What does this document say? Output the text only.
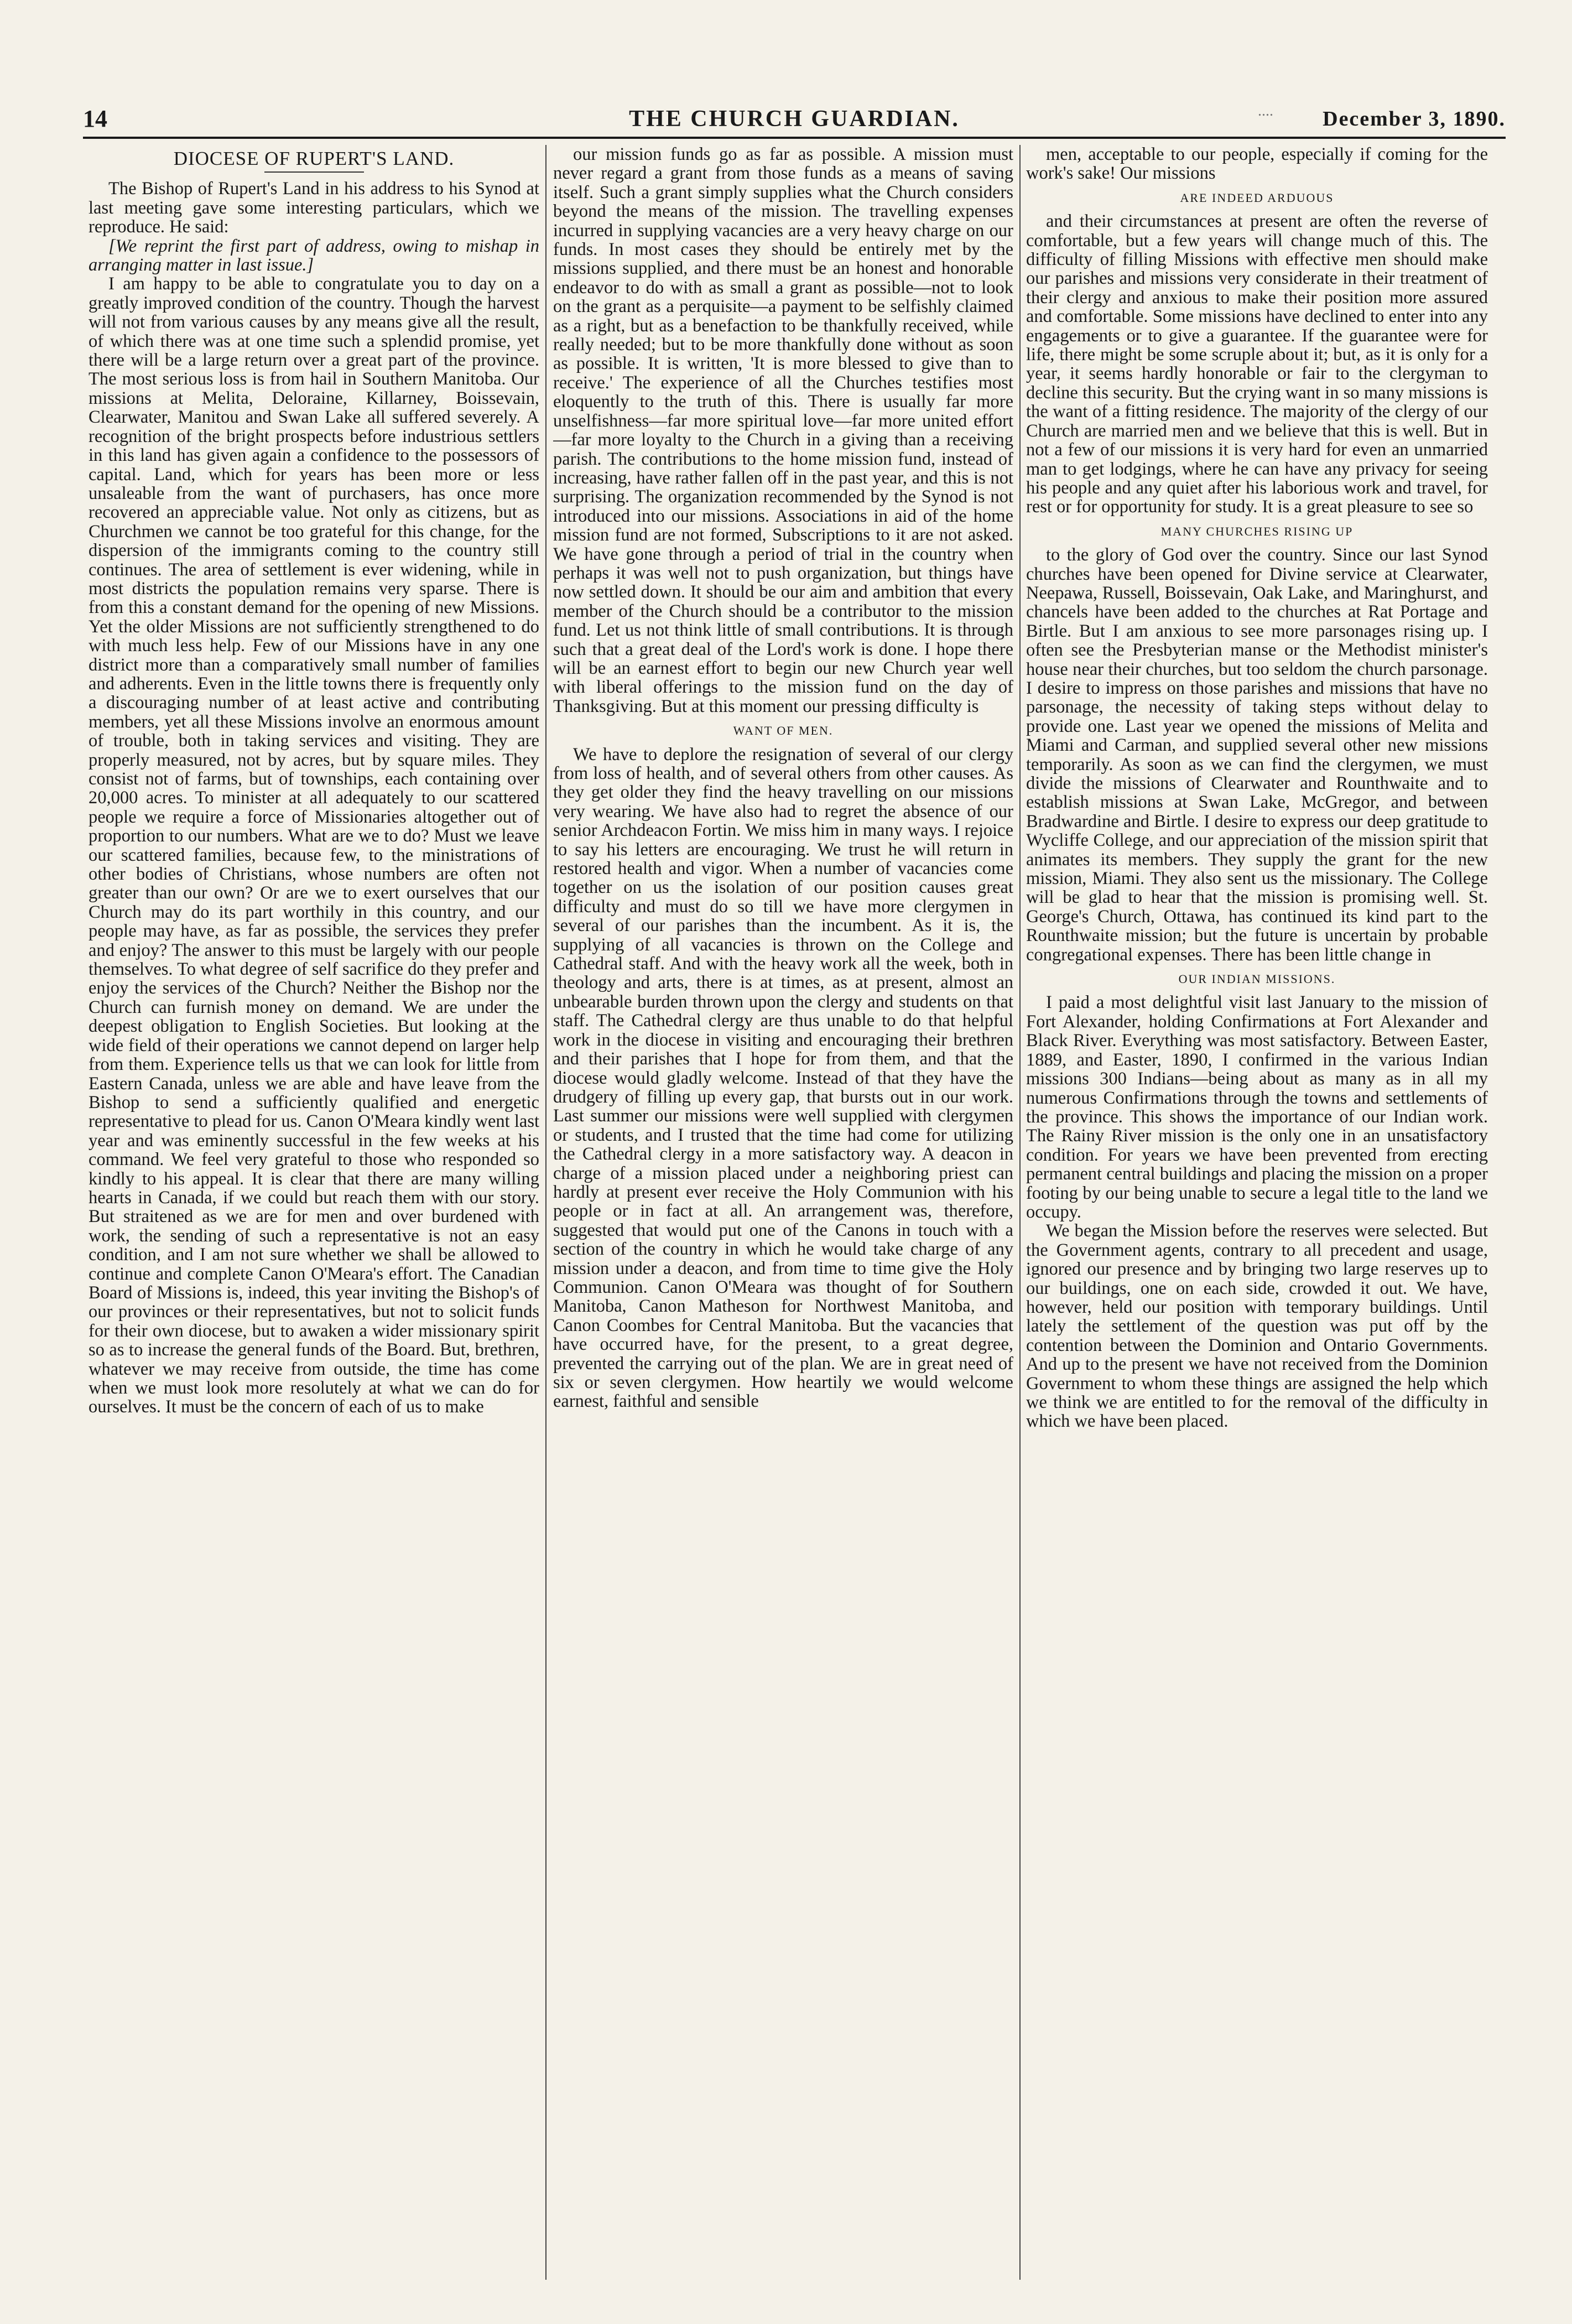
14	THE CHURCH GUARDIAN.	.... December 3, 1890.
DIOCESE OF RUPERT'S LAND.

The Bishop of Rupert's Land in his address to his Synod at last meeting gave some interesting particulars, which we reproduce. He said:

[We reprint the first part of address, owing to mishap in arranging matter in last issue.]

I am happy to be able to congratulate you to day on a greatly improved condition of the country. Though the harvest will not from various causes by any means give all the result, of which there was at one time such a splendid promise, yet there will be a large return over a great part of the province. The most serious loss is from hail in Southern Manitoba. Our missions at Melita, Deloraine, Killarney, Boissevain, Clearwater, Manitou and Swan Lake all suffered severely. A recognition of the bright prospects before industrious settlers in this land has given again a confidence to the possessors of capital. Land, which for years has been more or less unsaleable from the want of purchasers, has once more recovered an appreciable value. Not only as citizens, but as Churchmen we cannot be too grateful for this change, for the dispersion of the immigrants coming to the country still continues. The area of settlement is ever widening, while in most districts the population remains very sparse. There is from this a constant demand for the opening of new Missions. Yet the older Missions are not sufficiently strengthened to do with much less help. Few of our Missions have in any one district more than a comparatively small number of families and adherents. Even in the little towns there is frequently only a discouraging number of at least active and contributing members, yet all these Missions involve an enormous amount of trouble, both in taking services and visiting. They are properly measured, not by acres, but by square miles. They consist not of farms, but of townships, each containing over 20,000 acres. To minister at all adequately to our scattered people we require a force of Missionaries altogether out of proportion to our numbers. What are we to do? Must we leave our scattered families, because few, to the ministrations of other bodies of Christians, whose numbers are often not greater than our own? Or are we to exert ourselves that our Church may do its part worthily in this country, and our people may have, as far as possible, the services they prefer and enjoy? The answer to this must be largely with our people themselves. To what degree of self sacrifice do they prefer and enjoy the services of the Church? Neither the Bishop nor the Church can furnish money on demand. We are under the deepest obligation to English Societies. But looking at the wide field of their operations we cannot depend on larger help from them. Experience tells us that we can look for little from Eastern Canada, unless we are able and have leave from the Bishop to send a sufficiently qualified and energetic representative to plead for us. Canon O'Meara kindly went last year and was eminently successful in the few weeks at his command. We feel very grateful to those who responded so kindly to his appeal. It is clear that there are many willing hearts in Canada, if we could but reach them with our story. But straitened as we are for men and over burdened with work, the sending of such a representative is not an easy condition, and I am not sure whether we shall be allowed to continue and complete Canon O'Meara's effort. The Canadian Board of Missions is, indeed, this year inviting the Bishop's of our provinces or their representatives, but not to solicit funds for their own diocese, but to awaken a wider missionary spirit so as to increase the general funds of the Board. But, brethren, whatever we may receive from outside, the time has come when we must look more resolutely at what we can do for ourselves. It must be the concern of each of us to make

our mission funds go as far as possible. A mission must never regard a grant from those funds as a means of saving itself. Such a grant simply supplies what the Church considers beyond the means of the mission. The travelling expenses incurred in supplying vacancies are a very heavy charge on our funds. In most cases they should be entirely met by the missions supplied, and there must be an honest and honorable endeavor to do with as small a grant as possible—not to look on the grant as a perquisite—a payment to be selfishly claimed as a right, but as a benefaction to be thankfully received, while really needed; but to be more thankfully done without as soon as possible. It is written, 'It is more blessed to give than to receive.' The experience of all the Churches testifies most eloquently to the truth of this. There is usually far more unselfishness—far more spiritual love—far more united effort—far more loyalty to the Church in a giving than a receiving parish. The contributions to the home mission fund, instead of increasing, have rather fallen off in the past year, and this is not surprising. The organization recommended by the Synod is not introduced into our missions. Associations in aid of the home mission fund are not formed, Subscriptions to it are not asked. We have gone through a period of trial in the country when perhaps it was well not to push organization, but things have now settled down. It should be our aim and ambition that every member of the Church should be a contributor to the mission fund. Let us not think little of small contributions. It is through such that a great deal of the Lord's work is done. I hope there will be an earnest effort to begin our new Church year well with liberal offerings to the mission fund on the day of Thanksgiving. But at this moment our pressing difficulty is

WANT OF MEN.

We have to deplore the resignation of several of our clergy from loss of health, and of several others from other causes. As they get older they find the heavy travelling on our missions very wearing. We have also had to regret the absence of our senior Archdeacon Fortin. We miss him in many ways. I rejoice to say his letters are encouraging. We trust he will return in restored health and vigor. When a number of vacancies come together on us the isolation of our position causes great difficulty and must do so till we have more clergymen in several of our parishes than the incumbent. As it is, the supplying of all vacancies is thrown on the College and Cathedral staff. And with the heavy work all the week, both in theology and arts, there is at times, as at present, almost an unbearable burden thrown upon the clergy and students on that staff. The Cathedral clergy are thus unable to do that helpful work in the diocese in visiting and encouraging their brethren and their parishes that I hope for from them, and that the diocese would gladly welcome. Instead of that they have the drudgery of filling up every gap, that bursts out in our work. Last summer our missions were well supplied with clergymen or students, and I trusted that the time had come for utilizing the Cathedral clergy in a more satisfactory way. A deacon in charge of a mission placed under a neighboring priest can hardly at present ever receive the Holy Communion with his people or in fact at all. An arrangement was, therefore, suggested that would put one of the Canons in touch with a section of the country in which he would take charge of any mission under a deacon, and from time to time give the Holy Communion. Canon O'Meara was thought of for Southern Manitoba, Canon Matheson for Northwest Manitoba, and Canon Coombes for Central Manitoba. But the vacancies that have occurred have, for the present, to a great degree, prevented the carrying out of the plan. We are in great need of six or seven clergymen. How heartily we would welcome earnest, faithful and sensible

men, acceptable to our people, especially if coming for the work's sake! Our missions

ARE INDEED ARDUOUS

and their circumstances at present are often the reverse of comfortable, but a few years will change much of this. The difficulty of filling Missions with effective men should make our parishes and missions very considerate in their treatment of their clergy and anxious to make their position more assured and comfortable. Some missions have declined to enter into any engagements or to give a guarantee. If the guarantee were for life, there might be some scruple about it; but, as it is only for a year, it seems hardly honorable or fair to the clergyman to decline this security. But the crying want in so many missions is the want of a fitting residence. The majority of the clergy of our Church are married men and we believe that this is well. But in not a few of our missions it is very hard for even an unmarried man to get lodgings, where he can have any privacy for seeing his people and any quiet after his laborious work and travel, for rest or for opportunity for study. It is a great pleasure to see so

MANY CHURCHES RISING UP

to the glory of God over the country. Since our last Synod churches have been opened for Divine service at Clearwater, Neepawa, Russell, Boissevain, Oak Lake, and Maringhurst, and chancels have been added to the churches at Rat Portage and Birtle. But I am anxious to see more parsonages rising up. I often see the Presbyterian manse or the Methodist minister's house near their churches, but too seldom the church parsonage. I desire to impress on those parishes and missions that have no parsonage, the necessity of taking steps without delay to provide one. Last year we opened the missions of Melita and Miami and Carman, and supplied several other new missions temporarily. As soon as we can find the clergymen, we must divide the missions of Clearwater and Rounthwaite and to establish missions at Swan Lake, McGregor, and between Bradwardine and Birtle. I desire to express our deep gratitude to Wycliffe College, and our appreciation of the mission spirit that animates its members. They supply the grant for the new mission, Miami. They also sent us the missionary. The College will be glad to hear that the mission is promising well. St. George's Church, Ottawa, has continued its kind part to the Rounthwaite mission; but the future is uncertain by probable congregational expenses. There has been little change in

OUR INDIAN MISSIONS.

I paid a most delightful visit last January to the mission of Fort Alexander, holding Confirmations at Fort Alexander and Black River. Everything was most satisfactory. Between Easter, 1889, and Easter, 1890, I confirmed in the various Indian missions 300 Indians—being about as many as in all my numerous Confirmations through the towns and settlements of the province. This shows the importance of our Indian work. The Rainy River mission is the only one in an unsatisfactory condition. For years we have been prevented from erecting permanent central buildings and placing the mission on a proper footing by our being unable to secure a legal title to the land we occupy.

We began the Mission before the reserves were selected. But the Government agents, contrary to all precedent and usage, ignored our presence and by bringing two large reserves up to our buildings, one on each side, crowded it out. We have, however, held our position with temporary buildings. Until lately the settlement of the question was put off by the contention between the Dominion and Ontario Governments. And up to the present we have not received from the Dominion Government to whom these things are assigned the help which we think we are entitled to for the removal of the difficulty in which we have been placed.
